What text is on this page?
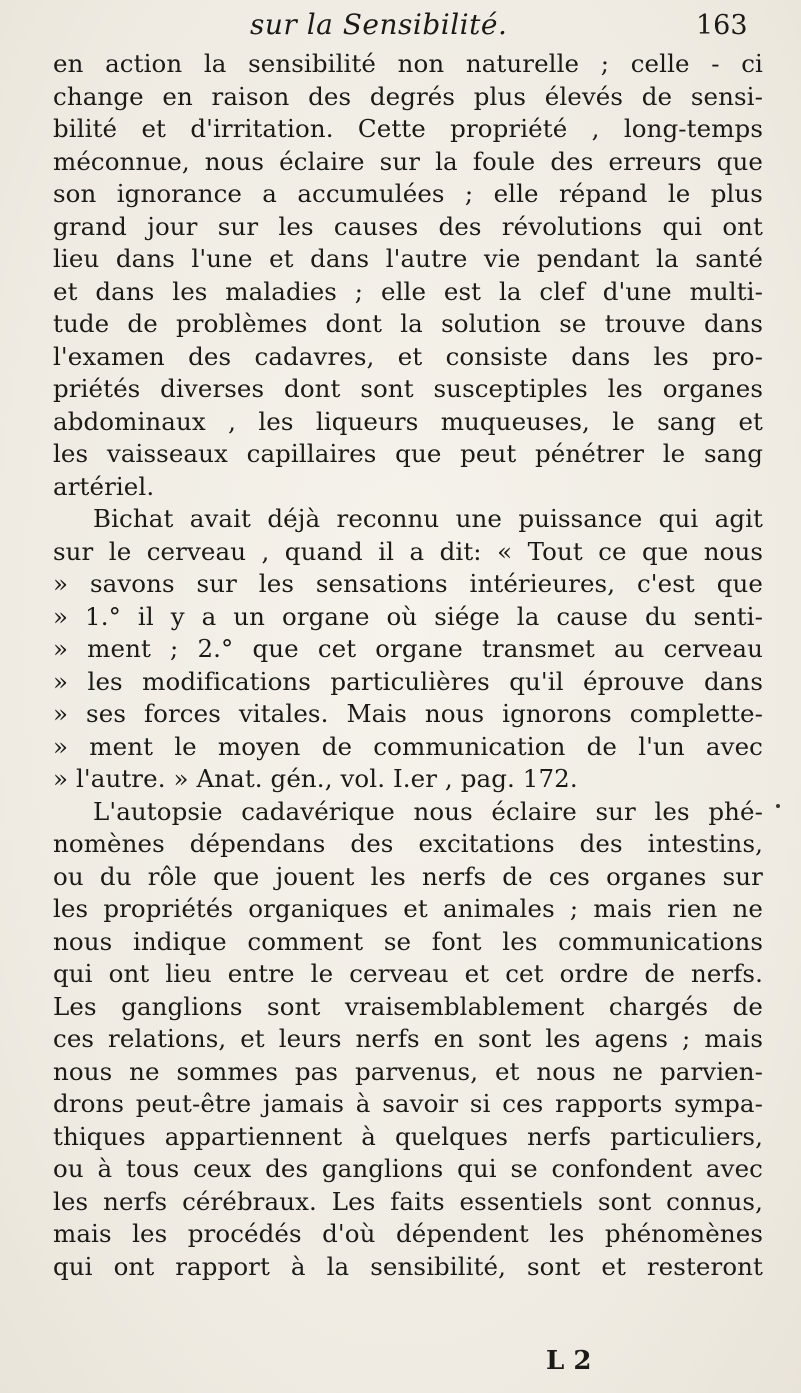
sur la Sensibilité.	163
en action la sensibilité non naturelle ; celle - ci
change en raison des degrés plus élevés de sensi-
bilité et d'irritation. Cette propriété , long-temps
méconnue, nous éclaire sur la foule des erreurs que
son ignorance a accumulées ; elle répand le plus
grand jour sur les causes des révolutions qui ont
lieu dans l'une et dans l'autre vie pendant la santé
et dans les maladies ; elle est la clef d'une multi-
tude de problèmes dont la solution se trouve dans
l'examen des cadavres, et consiste dans les pro-
priétés diverses dont sont susceptiples les organes
abdominaux , les liqueurs muqueuses, le sang et
les vaisseaux capillaires que peut pénétrer le sang
artériel.
Bichat avait déjà reconnu une puissance qui agit
sur le cerveau , quand il a dit: « Tout ce que nous
» savons sur les sensations intérieures, c'est que
» 1.° il y a un organe où siége la cause du senti-
» ment ; 2.° que cet organe transmet au cerveau
» les modifications particulières qu'il éprouve dans
» ses forces vitales. Mais nous ignorons complette-
» ment le moyen de communication de l'un avec
» l'autre. » Anat. gén., vol. I.er , pag. 172.
L'autopsie cadavérique nous éclaire sur les phé-
nomènes dépendans des excitations des intestins,
ou du rôle que jouent les nerfs de ces organes sur
les propriétés organiques et animales ; mais rien ne
nous indique comment se font les communications
qui ont lieu entre le cerveau et cet ordre de nerfs.
Les ganglions sont vraisemblablement chargés de
ces relations, et leurs nerfs en sont les agens ; mais
nous ne sommes pas parvenus, et nous ne parvien-
drons peut-être jamais à savoir si ces rapports sympa-
thiques appartiennent à quelques nerfs particuliers,
ou à tous ceux des ganglions qui se confondent avec
les nerfs cérébraux. Les faits essentiels sont connus,
mais les procédés d'où dépendent les phénomènes
qui ont rapport à la sensibilité, sont et resteront
L 2
